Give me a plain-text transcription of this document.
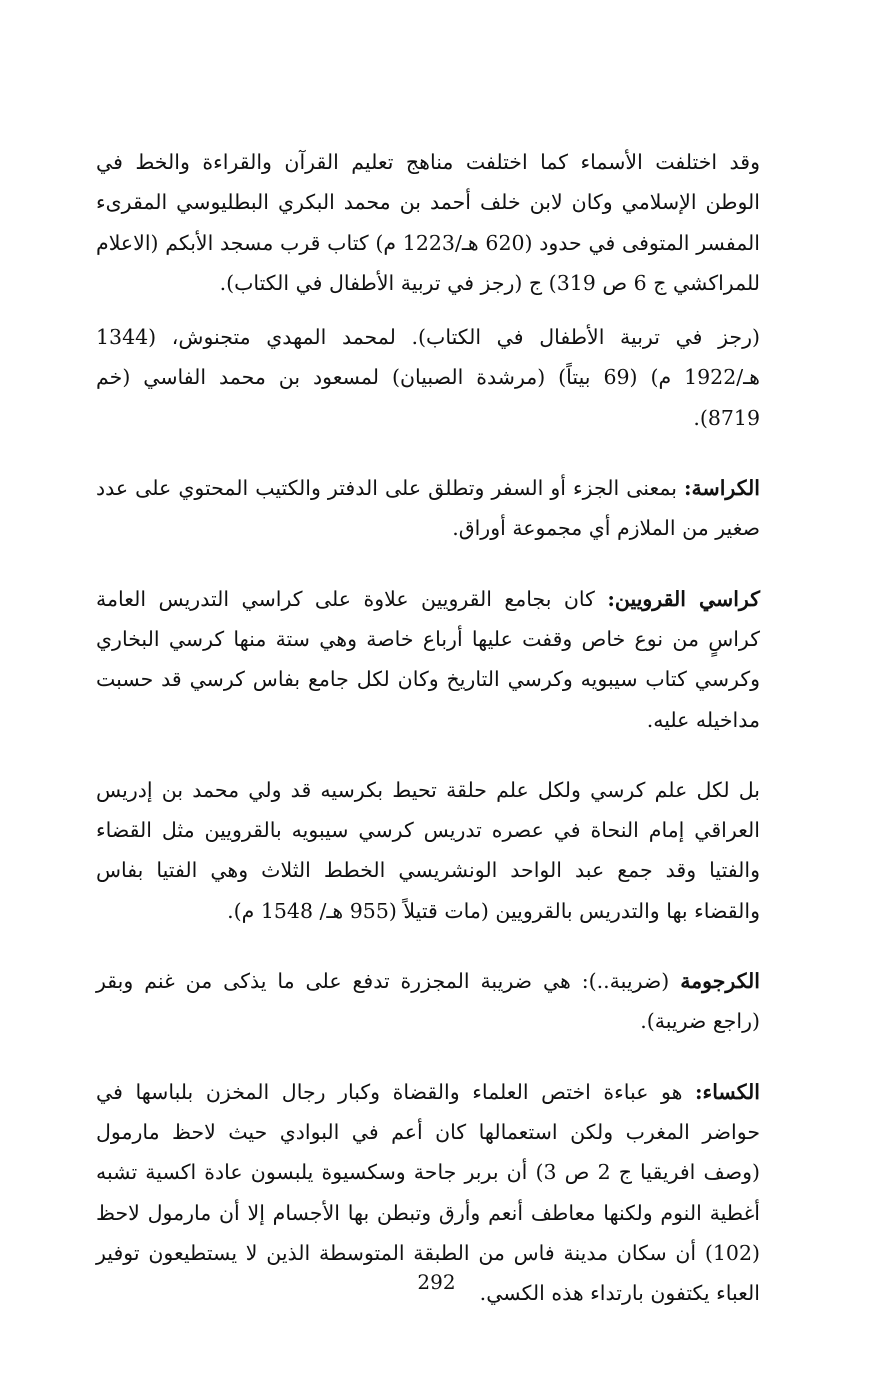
وقد اختلفت الأسماء كما اختلفت مناهج تعليم القرآن والقراءة والخط في الوطن الإسلامي وكان لابن خلف أحمد بن محمد البكري البطليوسي المقرىء المفسر المتوفى في حدود (620 هـ/1223 م) كتاب قرب مسجد الأبكم (الاعلام للمراكشي ج 6 ص 319) ج (رجز في تربية الأطفال في الكتاب).

(رجز في تربية الأطفال في الكتاب). لمحمد المهدي متجنوش، (1344 هـ/1922 م) (69 بيتاً) (مرشدة الصبيان) لمسعود بن محمد الفاسي (خم 8719).

الكراسة: بمعنى الجزء أو السفر وتطلق على الدفتر والكتيب المحتوي على عدد صغير من الملازم أي مجموعة أوراق.

كراسي القرويين: كان بجامع القرويين علاوة على كراسي التدريس العامة كراسٍ من نوع خاص وقفت عليها أرباع خاصة وهي ستة منها كرسي البخاري وكرسي كتاب سيبويه وكرسي التاريخ وكان لكل جامع بفاس كرسي قد حسبت مداخيله عليه.

بل لكل علم كرسي ولكل علم حلقة تحيط بكرسيه قد ولي محمد بن إدريس العراقي إمام النحاة في عصره تدريس كرسي سيبويه بالقرويين مثل القضاء والفتيا وقد جمع عبد الواحد الونشريسي الخطط الثلاث وهي الفتيا بفاس والقضاء بها والتدريس بالقرويين (مات قتيلاً (955 هـ/ 1548 م).

الكرجومة (ضريبة..): هي ضريبة المجزرة تدفع على ما يذكى من غنم وبقر (راجع ضريبة).

الكساء: هو عباءة اختص العلماء والقضاة وكبار رجال المخزن بلباسها في حواضر المغرب ولكن استعمالها كان أعم في البوادي حيث لاحظ مارمول (وصف افريقيا ج 2 ص 3) أن بربر جاحة وسكسيوة يلبسون عادة اكسية تشبه أغطية النوم ولكنها معاطف أنعم وأرق وتبطن بها الأجسام إلا أن مارمول لاحظ (102) أن سكان مدينة فاس من الطبقة المتوسطة الذين لا يستطيعون توفير العباء يكتفون بارتداء هذه الكسي.

292
